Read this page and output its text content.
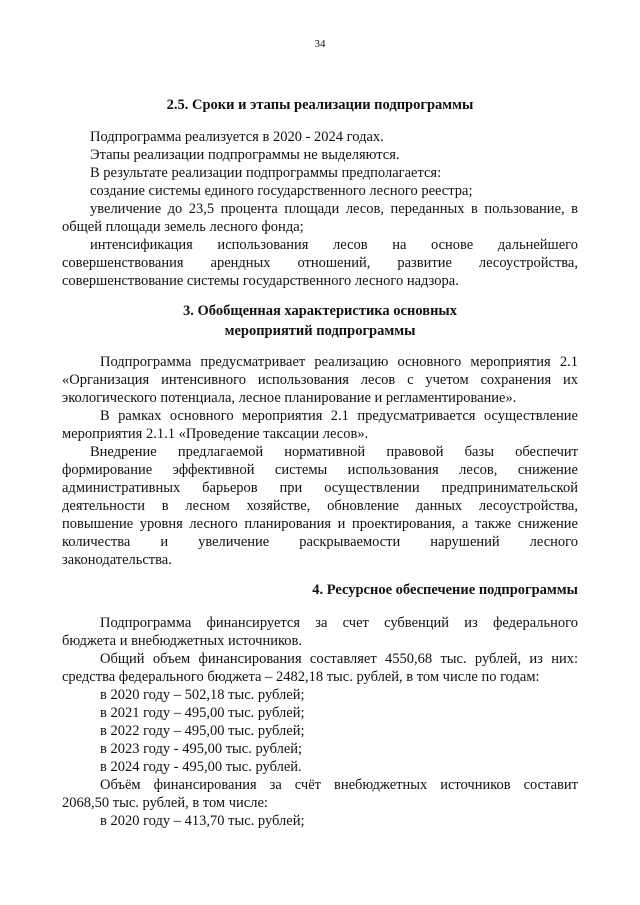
34
2.5. Сроки и этапы реализации подпрограммы
Подпрограмма реализуется в 2020 - 2024 годах.
Этапы реализации подпрограммы не выделяются.
В результате реализации подпрограммы предполагается:
создание системы единого государственного лесного реестра;
увеличение до 23,5 процента площади лесов, переданных в пользование, в
общей площади земель лесного фонда;
интенсификация использования лесов на основе дальнейшего
совершенствования арендных отношений, развитие лесоустройства,
совершенствование системы государственного лесного надзора.
3. Обобщенная характеристика основных
мероприятий подпрограммы
Подпрограмма предусматривает реализацию основного мероприятия 2.1
«Организация интенсивного использования лесов с учетом сохранения их
экологического потенциала, лесное планирование и регламентирование».
В рамках основного мероприятия 2.1 предусматривается осуществление
мероприятия 2.1.1 «Проведение таксации лесов».
Внедрение предлагаемой нормативной правовой базы обеспечит
формирование эффективной системы использования лесов, снижение
административных барьеров при осуществлении предпринимательской
деятельности в лесном хозяйстве, обновление данных лесоустройства,
повышение уровня лесного планирования и проектирования, а также снижение
количества и увеличение раскрываемости нарушений лесного
законодательства.
4. Ресурсное обеспечение подпрограммы
Подпрограмма финансируется за счет субвенций из федерального
бюджета и внебюджетных источников.
Общий объем финансирования составляет 4550,68 тыс. рублей, из них:
средства федерального бюджета – 2482,18 тыс. рублей, в том числе по годам:
в 2020 году – 502,18 тыс. рублей;
в 2021 году – 495,00 тыс. рублей;
в 2022 году – 495,00 тыс. рублей;
в 2023 году - 495,00 тыс. рублей;
в 2024 году - 495,00 тыс. рублей.
Объём финансирования за счёт внебюджетных источников составит
2068,50 тыс. рублей, в том числе:
в 2020 году – 413,70 тыс. рублей;
